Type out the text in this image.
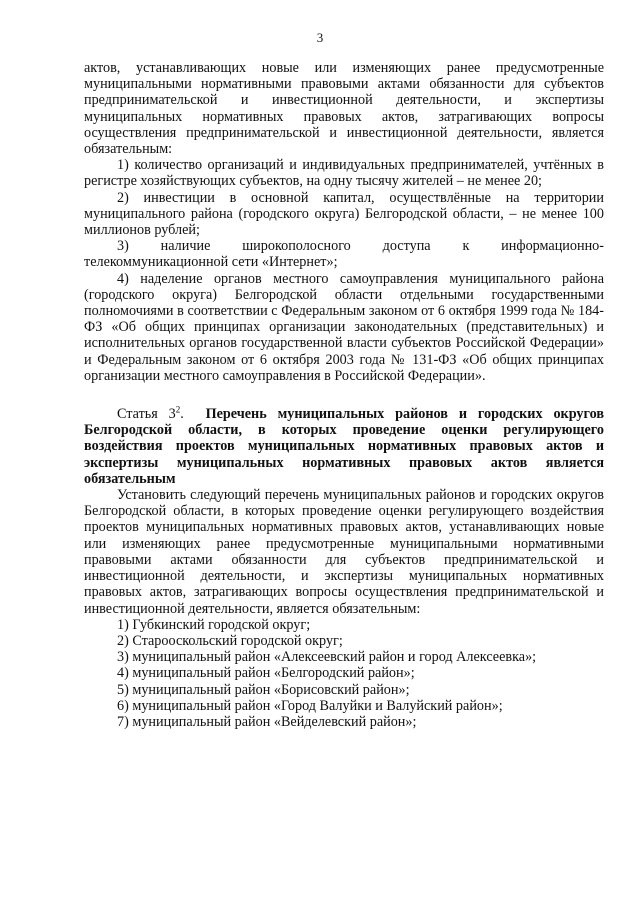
3

актов, устанавливающих новые или изменяющих ранее предусмотренные муниципальными нормативными правовыми актами обязанности для субъектов предпринимательской и инвестиционной деятельности, и экспертизы муниципальных нормативных правовых актов, затрагивающих вопросы осуществления предпринимательской и инвестиционной деятельности, является обязательным:

1) количество организаций и индивидуальных предпринимателей, учтённых в регистре хозяйствующих субъектов, на одну тысячу жителей – не менее 20;

2) инвестиции в основной капитал, осуществлённые на территории муниципального района (городского округа) Белгородской области, – не менее 100 миллионов рублей;

3) наличие широкополосного доступа к информационно-телекоммуникационной сети «Интернет»;

4) наделение органов местного самоуправления муниципального района (городского округа) Белгородской области отдельными государственными полномочиями в соответствии с Федеральным законом от 6 октября 1999 года № 184-ФЗ «Об общих принципах организации законодательных (представительных) и исполнительных органов государственной власти субъектов Российской Федерации» и Федеральным законом от 6 октября 2003 года № 131-ФЗ «Об общих принципах организации местного самоуправления в Российской Федерации».

Статья $3^2$. Перечень муниципальных районов и городских округов Белгородской области, в которых проведение оценки регулирующего воздействия проектов муниципальных нормативных правовых актов и экспертизы муниципальных нормативных правовых актов является обязательным

Установить следующий перечень муниципальных районов и городских округов Белгородской области, в которых проведение оценки регулирующего воздействия проектов муниципальных нормативных правовых актов, устанавливающих новые или изменяющих ранее предусмотренные муниципальными нормативными правовыми актами обязанности для субъектов предпринимательской и инвестиционной деятельности, и экспертизы муниципальных нормативных правовых актов, затрагивающих вопросы осуществления предпринимательской и инвестиционной деятельности, является обязательным:

1) Губкинский городской округ;

2) Старооскольский городской округ;

3) муниципальный район «Алексеевский район и город Алексеевка»;

4) муниципальный район «Белгородский район»;

5) муниципальный район «Борисовский район»;

6) муниципальный район «Город Валуйки и Валуйский район»;

7) муниципальный район «Вейделевский район»;
